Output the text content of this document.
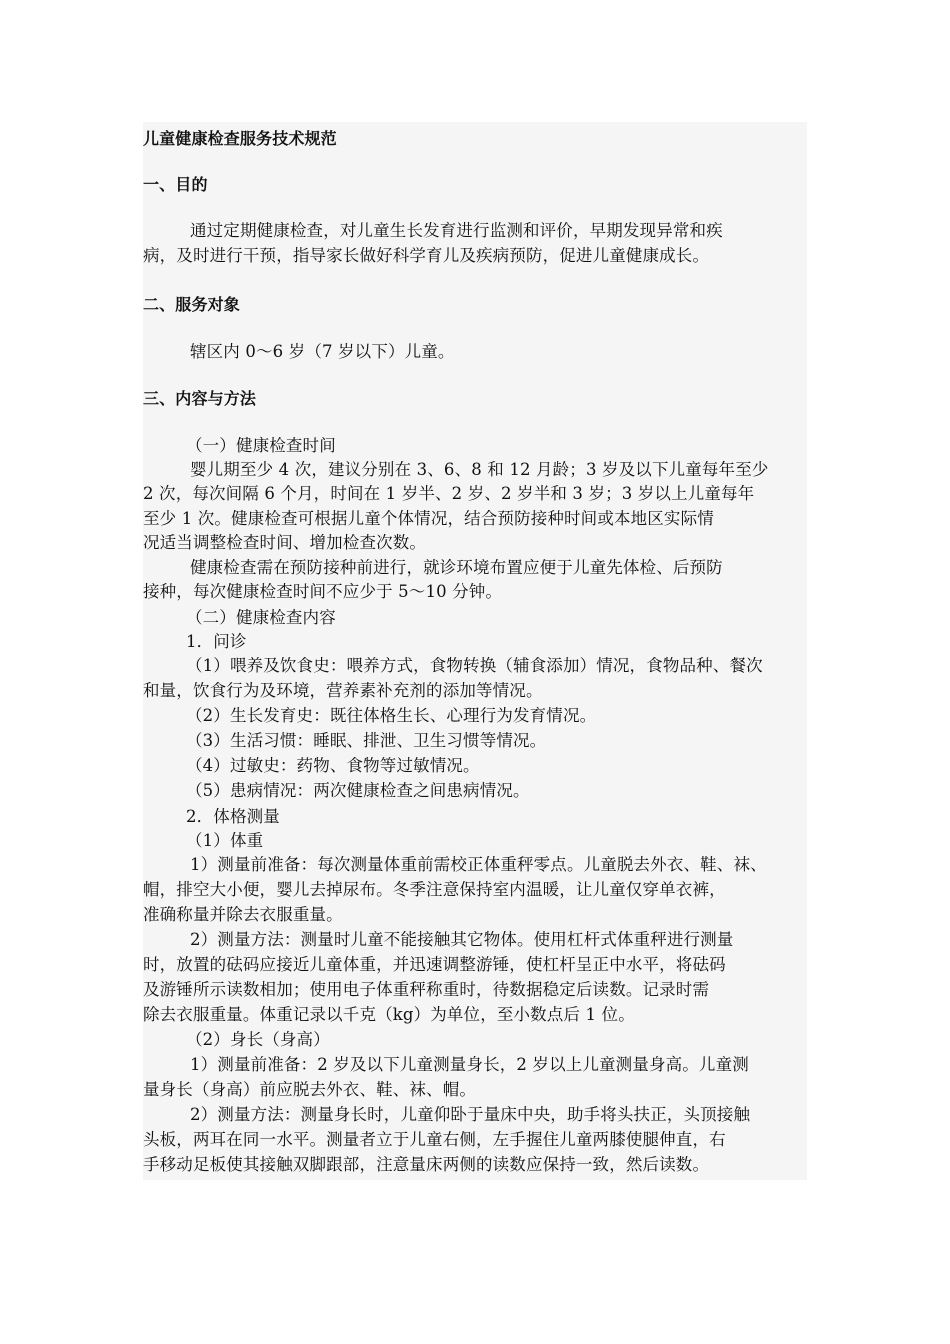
儿童健康检查服务技术规范
一、目的
通过定期健康检查，对儿童生长发育进行监测和评价，早期发现异常和疾
病，及时进行干预，指导家长做好科学育儿及疾病预防，促进儿童健康成长。
二、服务对象
辖区内 0～6 岁（7 岁以下）儿童。
三、内容与方法
（一）健康检查时间
婴儿期至少 4 次，建议分别在 3、6、8 和 12 月龄；3 岁及以下儿童每年至少
2 次，每次间隔 6 个月，时间在 1 岁半、2 岁、2 岁半和 3 岁；3 岁以上儿童每年
至少 1 次。健康检查可根据儿童个体情况，结合预防接种时间或本地区实际情
况适当调整检查时间、增加检查次数。
健康检查需在预防接种前进行，就诊环境布置应便于儿童先体检、后预防
接种，每次健康检查时间不应少于 5～10 分钟。
（二）健康检查内容
1．问诊
（1）喂养及饮食史：喂养方式，食物转换（辅食添加）情况，食物品种、餐次
和量，饮食行为及环境，营养素补充剂的添加等情况。
（2）生长发育史：既往体格生长、心理行为发育情况。
（3）生活习惯：睡眠、排泄、卫生习惯等情况。
（4）过敏史：药物、食物等过敏情况。
（5）患病情况：两次健康检查之间患病情况。
2．体格测量
（1）体重
1）测量前准备：每次测量体重前需校正体重秤零点。儿童脱去外衣、鞋、袜、
帽，排空大小便，婴儿去掉尿布。冬季注意保持室内温暖，让儿童仅穿单衣裤，
准确称量并除去衣服重量。
2）测量方法：测量时儿童不能接触其它物体。使用杠杆式体重秤进行测量
时，放置的砝码应接近儿童体重，并迅速调整游锤，使杠杆呈正中水平，将砝码
及游锤所示读数相加；使用电子体重秤称重时，待数据稳定后读数。记录时需
除去衣服重量。体重记录以千克（kg）为单位，至小数点后 1 位。
（2）身长（身高）
1）测量前准备：2 岁及以下儿童测量身长，2 岁以上儿童测量身高。儿童测
量身长（身高）前应脱去外衣、鞋、袜、帽。
2）测量方法：测量身长时，儿童仰卧于量床中央，助手将头扶正，头顶接触
头板，两耳在同一水平。测量者立于儿童右侧，左手握住儿童两膝使腿伸直，右
手移动足板使其接触双脚跟部，注意量床两侧的读数应保持一致，然后读数。
